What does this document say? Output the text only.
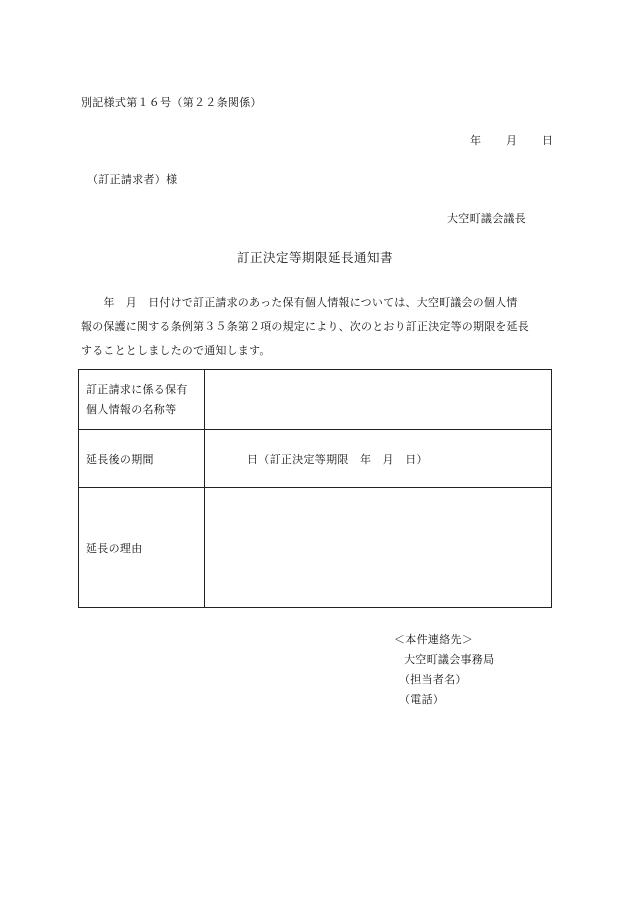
別記様式第１６号（第２２条関係）
年 月 日
（訂正請求者）様
大空町議会議長
訂正決定等期限延長通知書
　　年　月　日付けで訂正請求のあった保有個人情報については、大空町議会の個人情
報の保護に関する条例第３５条第２項の規定により、次のとおり訂正決定等の期限を延長
することとしましたので通知します。
訂正請求に係る保有
個人情報の名称等	

延長後の期間	日（訂正決定等期限　年　月　日）
延長の理由	
＜本件連絡先＞
大空町議会事務局
（担当者名）
（電話）
